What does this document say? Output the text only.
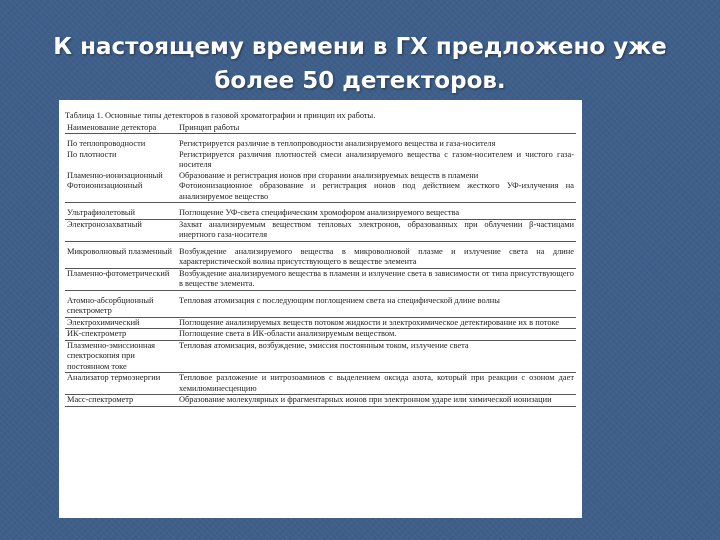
К настоящему времени в ГХ предложено уже
более 50 детекторов.
Таблица 1. Основные типы детекторов в газовой хроматографии и принцип их работы.
Наименование детектора	Принцип работы
По теплопроводности	Регистрируется различие в теплопроводности анализируемого вещества и газа-носителя
По плотности	Регистрируется различия плотностей смеси анализируемого вещества с газом-носителем и чистого газа-носителя
Пламенно-ионизационный	Образование и регистрация ионов при сгорании анализируемых веществ в пламени
Фотоионизационный	Фотоионизационное образование и регистрация ионов под действием жесткого УФ-излучения на анализируемое вещество
Ультрафиолетовый	Поглощение УФ-света специфическим хромофором анализируемого вещества
Электронозахватный	Захват анализируемым веществом тепловых электронов, образованных при облучении β-частицами инертного газа-носителя
Микроволновый плазменный	Возбуждение анализируемого вещества в микроволновой плазме и излучение света на длине характеристической волны присутствующего в веществе элемента
Пламенно-фотометрический	Возбуждение анализируемого вещества в пламени и излучение света в зависимости от типа присутствующего в веществе элемента.
Атомно-абсорбционный спектрометр	Тепловая атомизация с последующим поглощением света на специфической длине волны
Электрохимический	Поглощение анализируемых веществ потоком жидкости и электрохимическое детектирование их в потоке
ИК-спектрометр	Поглощение света в ИК-области анализируемым веществом.
Плазменно-эмиссионная спектроскопия при постоянном токе	Тепловая атомизация, возбуждение, эмиссия постоянным током, излучение света
Анализатор термоэнергии	Тепловое разложение и нитрозоаминов с выделением оксида азота, который при реакции с озоном дает хемилюминесценцию
Масс-спектрометр	Образование молекулярных и фрагментарных ионов при электронном ударе или химической ионизации
